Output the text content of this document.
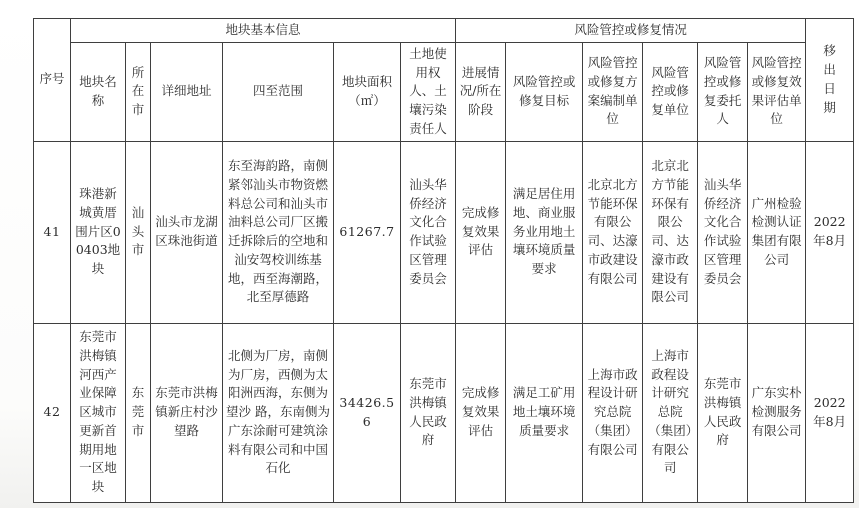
序号	地块基本信息						风险管控或修复情况						移出日期
	地块名称	所在市	详细地址	四至范围	地块面积（㎡）	土地使用权人、土壤污染责任人	进展情况/所在阶段	风险管控或修复目标	风险管控或修复方案编制单位	风险管控或修复单位	风险管控或修复委托人	风险管控或修复效果评估单位	
41	珠港新城黄厝围片区00403地块	汕头市	汕头市龙湖区珠池街道	东至海韵路，南侧紧邻汕头市物资燃料总公司和汕头市油料总公司厂区搬迁拆除后的空地和汕安驾校训练基地，西至海潮路，北至厚德路	61267.7	汕头华侨经济文化合作试验区管理委员会	完成修复效果评估	满足居住用地、商业服务业用地土壤环境质量要求	北京北方节能环保有限公司、达濠市政建设有限公司	北京北方节能环保有限公司、达濠市政建设有限公司	汕头华侨经济文化合作试验区管理委员会	广州检验检测认证集团有限公司	2022年8月
42	东莞市洪梅镇河西产业保障区城市更新首期用地一区地块	东莞市	东莞市洪梅镇新庄村沙望路	北侧为厂房，南侧为厂房，西侧为太阳洲西海，东侧为望沙 路，东南侧为广东涂耐可建筑涂料有限公司和中国石化	34426.56	东莞市洪梅镇人民政府	完成修复效果评估	满足工矿用地土壤环境质量要求	上海市政程设计研究总院（集团）有限公司	上海市政程设计研究总院（集团）有限公司	东莞市洪梅镇人民政府	广东实朴检测服务有限公司	2022年8月
